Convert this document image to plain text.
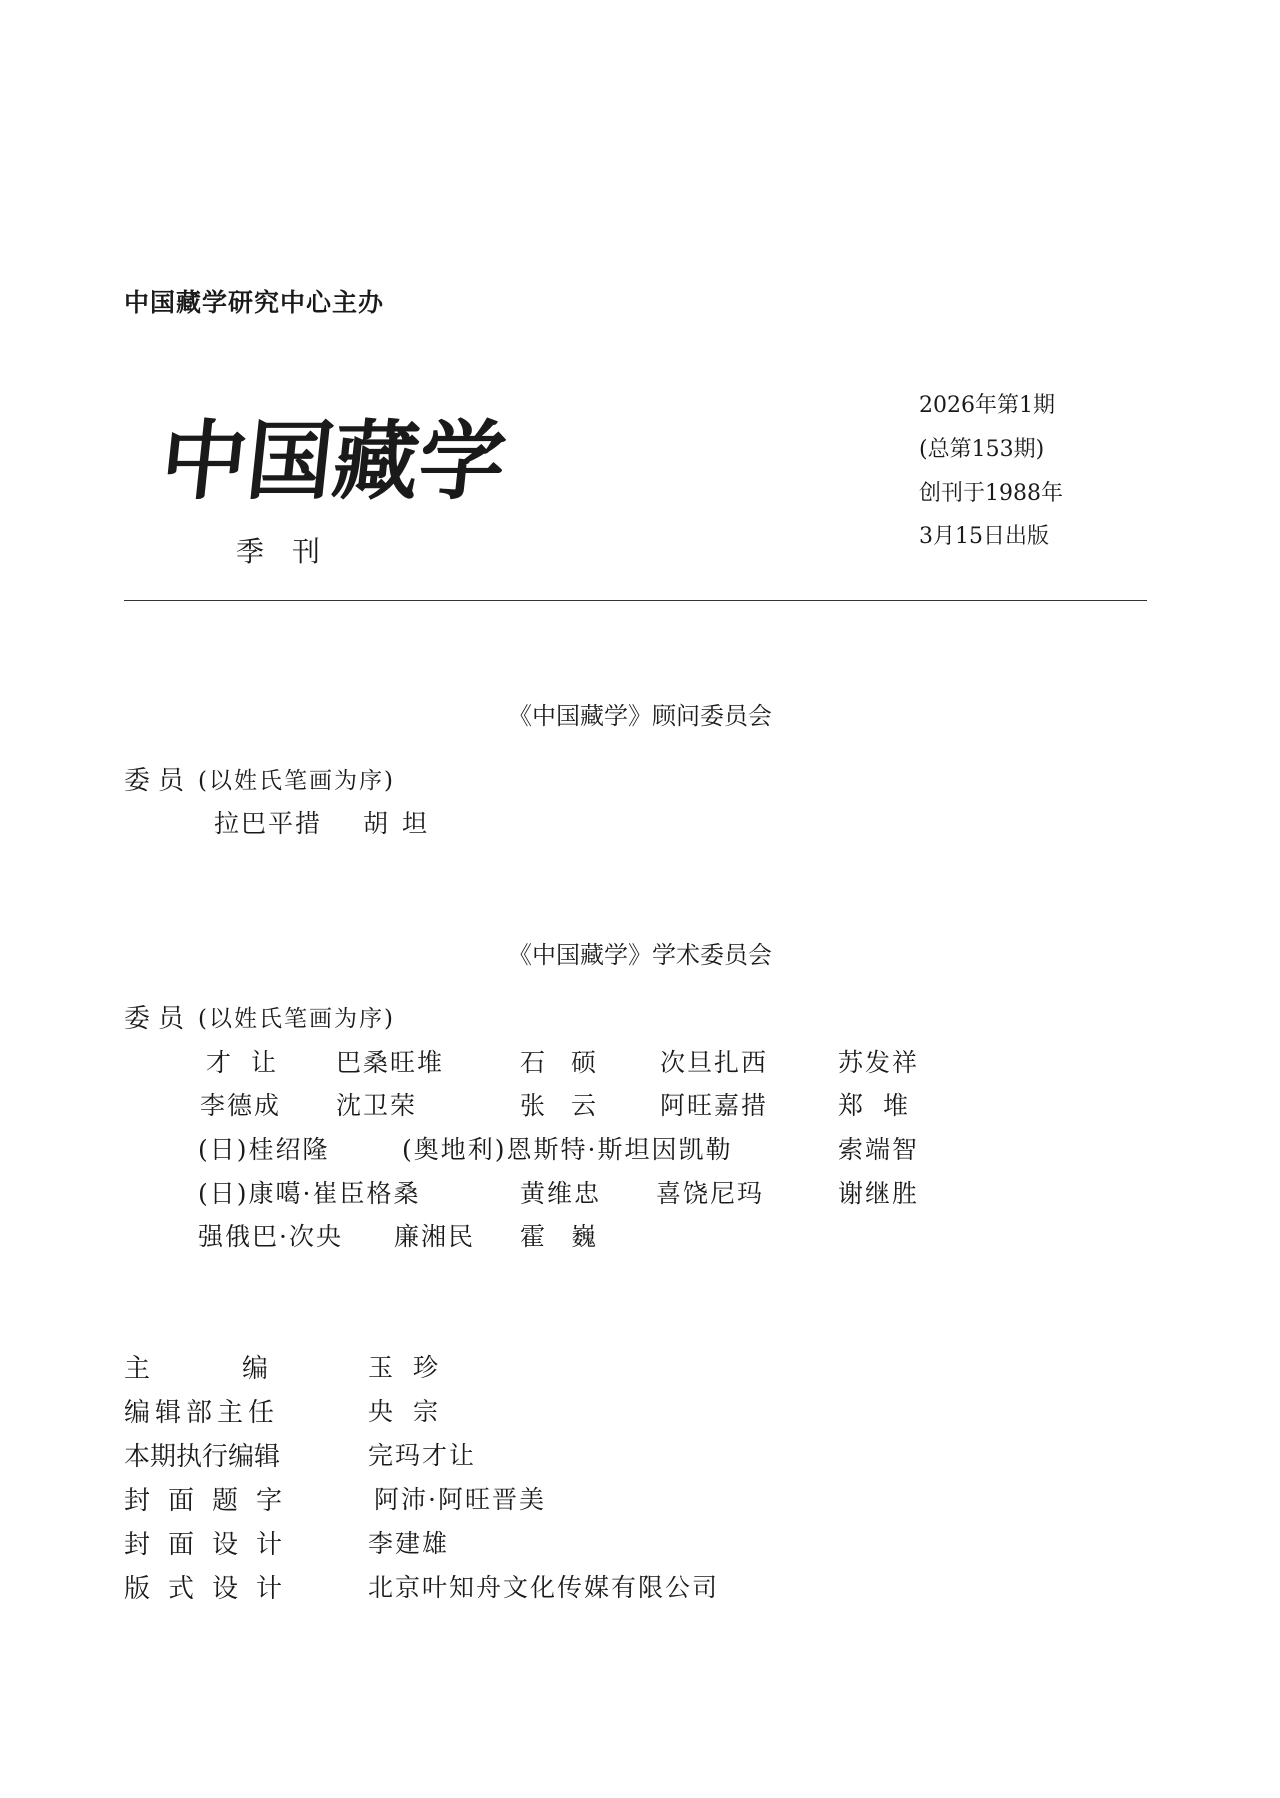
中国藏学研究中心主办
中国藏学
季刊
2026年第1期
(总第153期)
创刊于1988年
3月15日出版
《中国藏学》顾问委员会
委员 (以姓氏笔画为序)
拉巴平措 胡坦
《中国藏学》学术委员会
委员 (以姓氏笔画为序)
才让 巴桑旺堆	石硕 次旦扎西	苏发祥
李德成 沈卫荣	张云 阿旺嘉措	郑堆
(日)桂绍隆	(奥地利)恩斯特·斯坦因凯勒	索端智
(日)康噶·崔臣格桑	黄维忠 喜饶尼玛	谢继胜
强俄巴·次央 廉湘民 霍巍
主编 玉珍
编辑部主任	央宗
本期执行编辑	完玛才让
封面题字	阿沛·阿旺晋美
封面设计	李建雄
版式设计	北京叶知舟文化传媒有限公司
